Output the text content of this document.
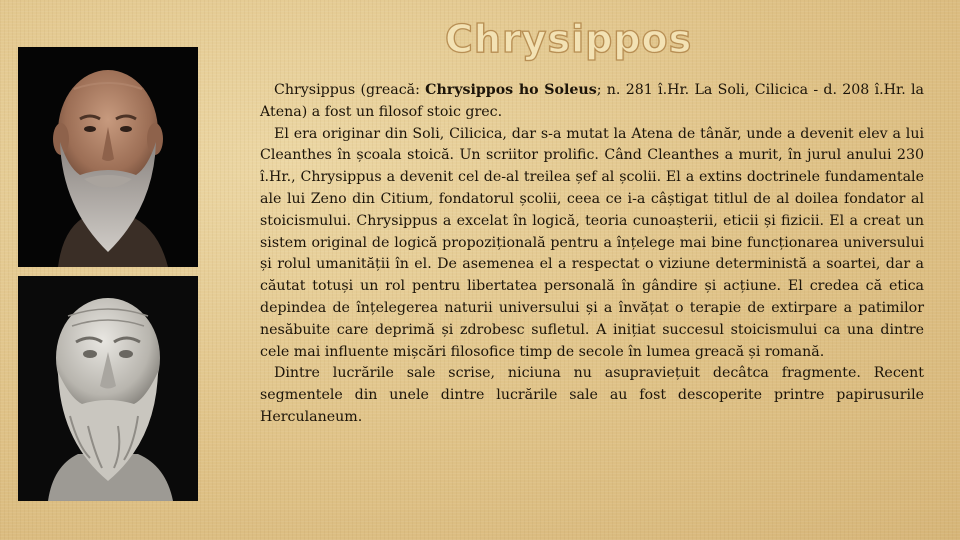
Chrysippos

Chrysippus (greacă: Chrysippos ho Soleus; n. 281 î.Hr. La Soli, Cilicica - d. 208 î.Hr. la Atena) a fost un filosof stoic grec.

El era originar din Soli, Cilicica, dar s-a mutat la Atena de tânăr, unde a devenit elev a lui Cleanthes în școala stoică. Un scriitor prolific. Când Cleanthes a murit, în jurul anului 230 î.Hr., Chrysippus a devenit cel de-al treilea șef al școlii. El a extins doctrinele fundamentale ale lui Zeno din Citium, fondatorul școlii, ceea ce i-a câștigat titlul de al doilea fondator al stoicismului. Chrysippus a excelat în logică, teoria cunoașterii, eticii și fizicii. El a creat un sistem original de logică propozițională pentru a înțelege mai bine funcționarea universului și rolul umanității în el. De asemenea el a respectat o viziune deterministă a soartei, dar a căutat totuși un rol pentru libertatea personală în gândire și acțiune. El credea că etica depindea de înțelegerea naturii universului și a învățat o terapie de extirpare a patimilor nesăbuite care deprimă și zdrobesc sufletul. A inițiat succesul stoicismului ca una dintre cele mai influente mișcări filosofice timp de secole în lumea greacă și romană.

Dintre lucrările sale scrise, niciuna nu asupraviețuit decâtca fragmente. Recent segmentele din unele dintre lucrările sale au fost descoperite printre papirusurile Herculaneum.
